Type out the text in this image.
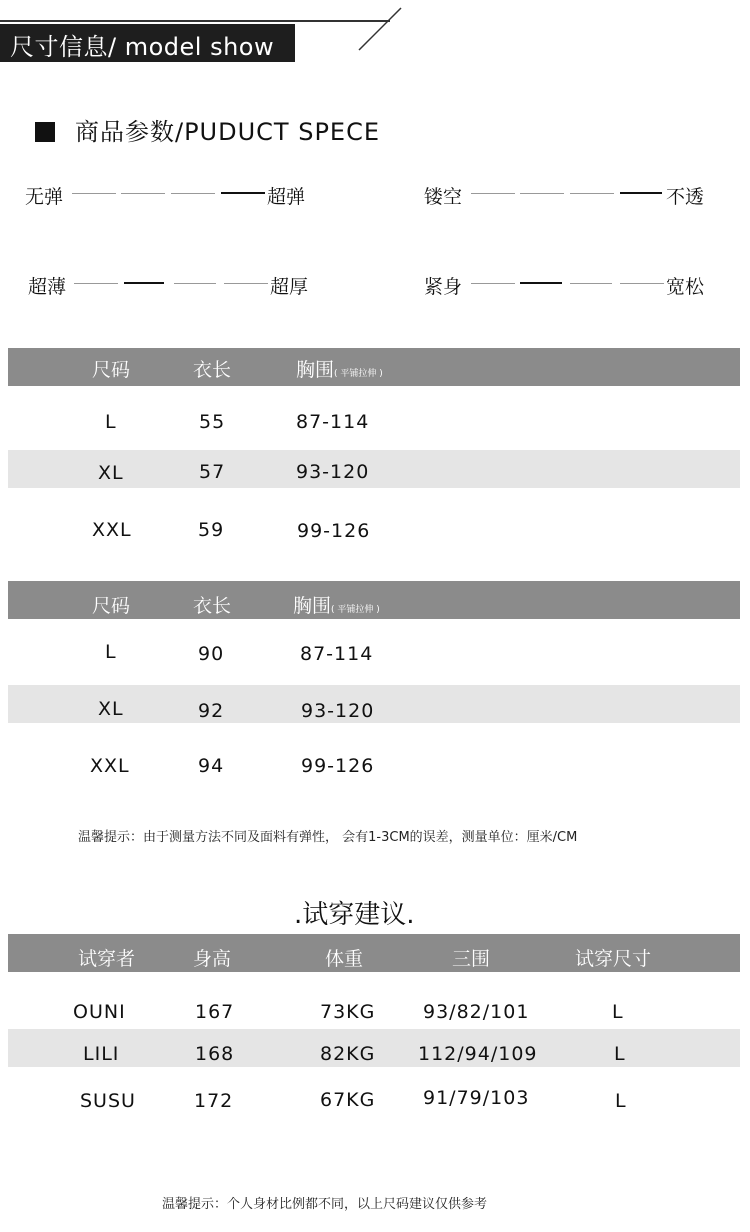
尺寸信息/ model show
商品参数/PUDUCT SPECE
无弹	超弹	镂空	不透
超薄	超厚	紧身	宽松
尺码	衣长	胸围( 平铺拉伸 )
L	55	87-114
XL	57	93-120
XXL	59	99-126
尺码	衣长	胸围( 平铺拉伸 )
L	90	87-114
XL	92	93-120
XXL	94	99-126
温馨提示：由于测量方法不同及面料有弹性， 会有1-3CM的误差，测量单位：厘米/CM
.试穿建议.
试穿者	身高	体重	三围	试穿尺寸
OUNI	167	73KG	93/82/101	L
LILI	168	82KG 112/94/109	L
SUSU	172	67KG	91/79/103	L
温馨提示：个人身材比例都不同，以上尺码建议仅供参考
